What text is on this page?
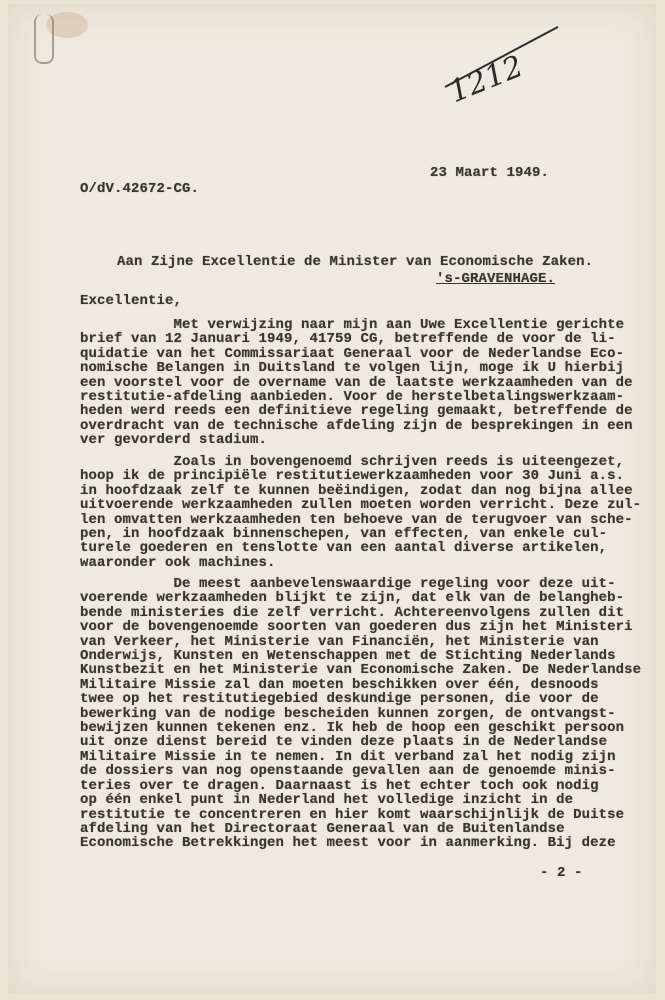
1212
23 Maart 1949.
O/dV.42672-CG.
Aan Zijne Excellentie de Minister van Economische Zaken.
's-GRAVENHAGE.
Excellentie,
Met verwijzing naar mijn aan Uwe Excellentie gerichte
brief van 12 Januari 1949, 41759 CG, betreffende de voor de li-
quidatie van het Commissariaat Generaal voor de Nederlandse Eco-
nomische Belangen in Duitsland te volgen lijn, moge ik U hierbij
een voorstel voor de overname van de laatste werkzaamheden van de
restitutie-afdeling aanbieden. Voor de herstelbetalingswerkzaam-
heden werd reeds een definitieve regeling gemaakt, betreffende de
overdracht van de technische afdeling zijn de besprekingen in een
ver gevorderd stadium.
Zoals in bovengenoemd schrijven reeds is uiteengezet,
hoop ik de principiële restitutiewerkzaamheden voor 30 Juni a.s.
in hoofdzaak zelf te kunnen beëindigen, zodat dan nog bijna allee
uitvoerende werkzaamheden zullen moeten worden verricht. Deze zul-
len omvatten werkzaamheden ten behoeve van de terugvoer van sche-
pen, in hoofdzaak binnenschepen, van effecten, van enkele cul-
turele goederen en tenslotte van een aantal diverse artikelen,
waaronder ook machines.
De meest aanbevelenswaardige regeling voor deze uit-
voerende werkzaamheden blijkt te zijn, dat elk van de belangheb-
bende ministeries die zelf verricht. Achtereenvolgens zullen dit
voor de bovengenoemde soorten van goederen dus zijn het Ministeri
van Verkeer, het Ministerie van Financiën, het Ministerie van
Onderwijs, Kunsten en Wetenschappen met de Stichting Nederlands
Kunstbezit en het Ministerie van Economische Zaken. De Nederlandse
Militaire Missie zal dan moeten beschikken over één, desnoods
twee op het restitutiegebied deskundige personen, die voor de
bewerking van de nodige bescheiden kunnen zorgen, de ontvangst-
bewijzen kunnen tekenen enz. Ik heb de hoop een geschikt persoon
uit onze dienst bereid te vinden deze plaats in de Nederlandse
Militaire Missie in te nemen. In dit verband zal het nodig zijn
de dossiers van nog openstaande gevallen aan de genoemde minis-
teries over te dragen. Daarnaast is het echter toch ook nodig
op één enkel punt in Nederland het volledige inzicht in de
restitutie te concentreren en hier komt waarschijnlijk de Duitse
afdeling van het Directoraat Generaal van de Buitenlandse
Economische Betrekkingen het meest voor in aanmerking. Bij deze
- 2 -
